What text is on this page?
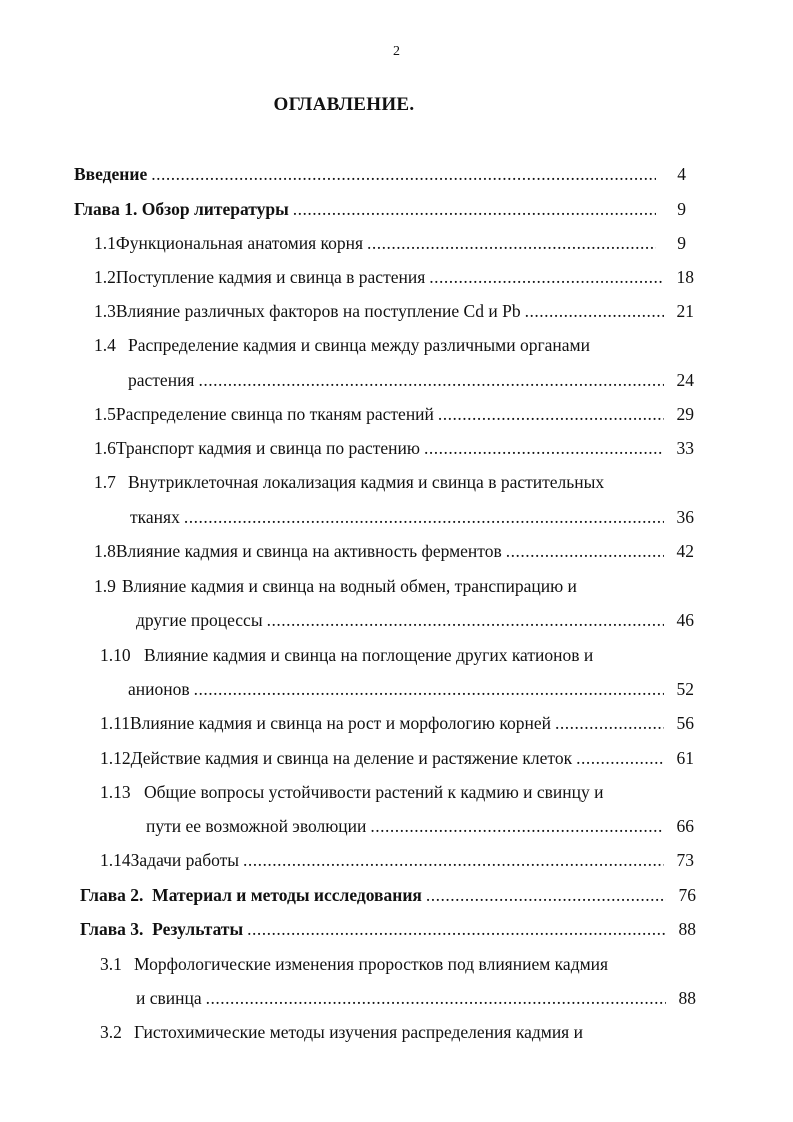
2
ОГЛАВЛЕНИЕ.
Введение .....	4
Глава 1. Обзор литературы .....	9
1.1 Функциональная анатомия корня .....	9
1.2 Поступление кадмия и свинца в растения .....	18
1.3 Влияние различных факторов на поступление Cd и Pb .....	21
1.4 Распределение кадмия и свинца между различными органами
растения .....	24
1.5 Распределение свинца по тканям растений .....	29
1.6 Транспорт кадмия и свинца по растению .....	33
1.7 Внутриклеточная локализация кадмия и свинца в растительных
тканях .....	36
1.8 Влияние кадмия и свинца на активность ферментов .....	42
1.9 Влияние кадмия и свинца на водный обмен, транспирацию и
другие процессы .....	46
1.10 Влияние кадмия и свинца на поглощение других катионов и
анионов .....	52
1.11 Влияние кадмия и свинца на рост и морфологию корней .....	56
1.12 Действие кадмия и свинца на деление и растяжение клеток .....	61
1.13 Общие вопросы устойчивости растений к кадмию и свинцу и
пути ее возможной эволюции .....	66
1.14 Задачи работы .....	73
Глава 2.  Материал и методы исследования .....	76
Глава 3.  Результаты .....	88
3.1 Морфологические изменения проростков под влиянием кадмия
и свинца .....	88
3.2 Гистохимические методы изучения распределения кадмия и
